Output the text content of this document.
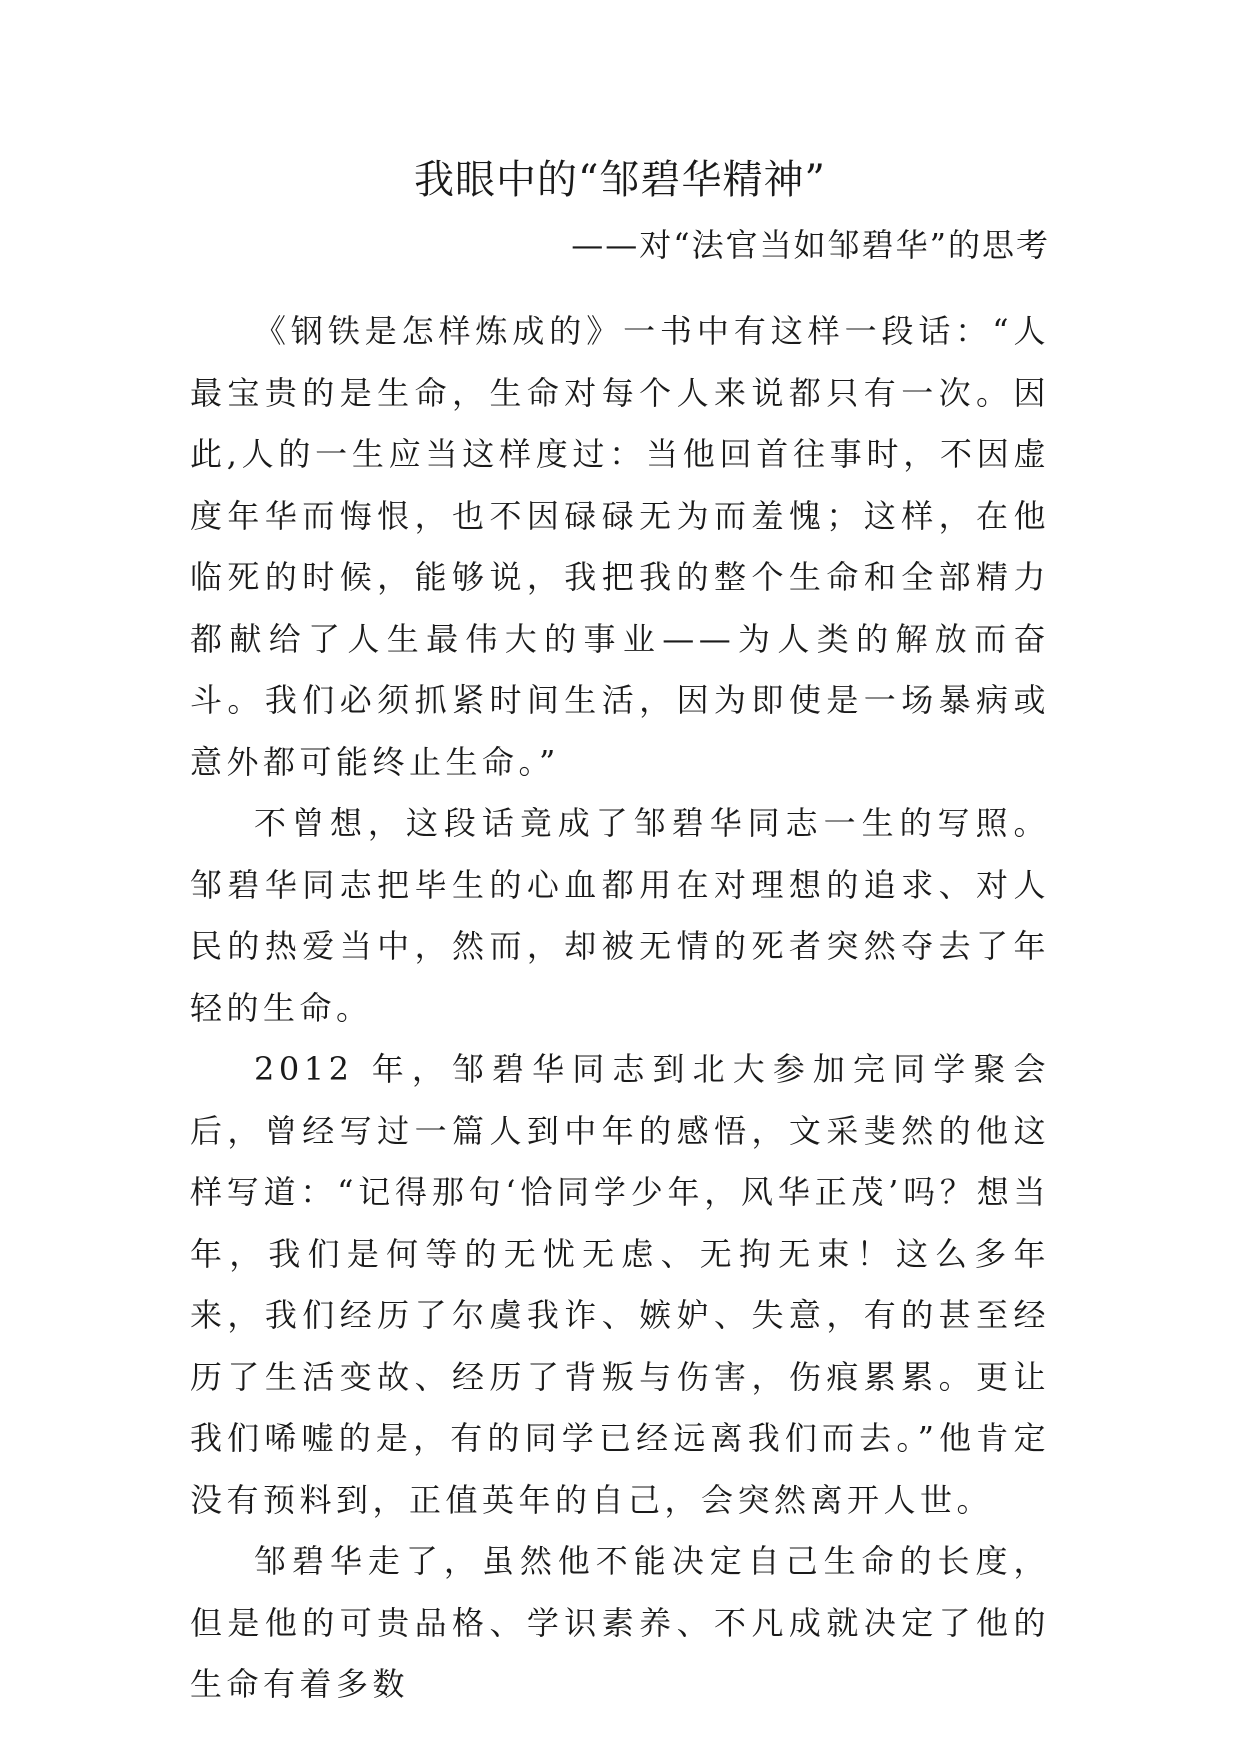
我眼中的“邹碧华精神”
——对“法官当如邹碧华”的思考

《钢铁是怎样炼成的》一书中有这样一段话：“人最宝贵的是生命，生命对每个人来说都只有一次。因此,人的一生应当这样度过：当他回首往事时，不因虚度年华而悔恨，也不因碌碌无为而羞愧；这样，在他临死的时候，能够说，我把我的整个生命和全部精力都献给了人生最伟大的事业——为人类的解放而奋斗。我们必须抓紧时间生活，因为即使是一场暴病或意外都可能终止生命。”

不曾想，这段话竟成了邹碧华同志一生的写照。邹碧华同志把毕生的心血都用在对理想的追求、对人民的热爱当中，然而，却被无情的死者突然夺去了年轻的生命。

2012 年，邹碧华同志到北大参加完同学聚会后，曾经写过一篇人到中年的感悟，文采斐然的他这样写道：“记得那句‘恰同学少年，风华正茂’吗？想当年，我们是何等的无忧无虑、无拘无束！这么多年来，我们经历了尔虞我诈、嫉妒、失意，有的甚至经历了生活变故、经历了背叛与伤害，伤痕累累。更让我们唏嘘的是，有的同学已经远离我们而去。”他肯定没有预料到，正值英年的自己，会突然离开人世。

邹碧华走了，虽然他不能决定自己生命的长度，但是他的可贵品格、学识素养、不凡成就决定了他的生命有着多数
